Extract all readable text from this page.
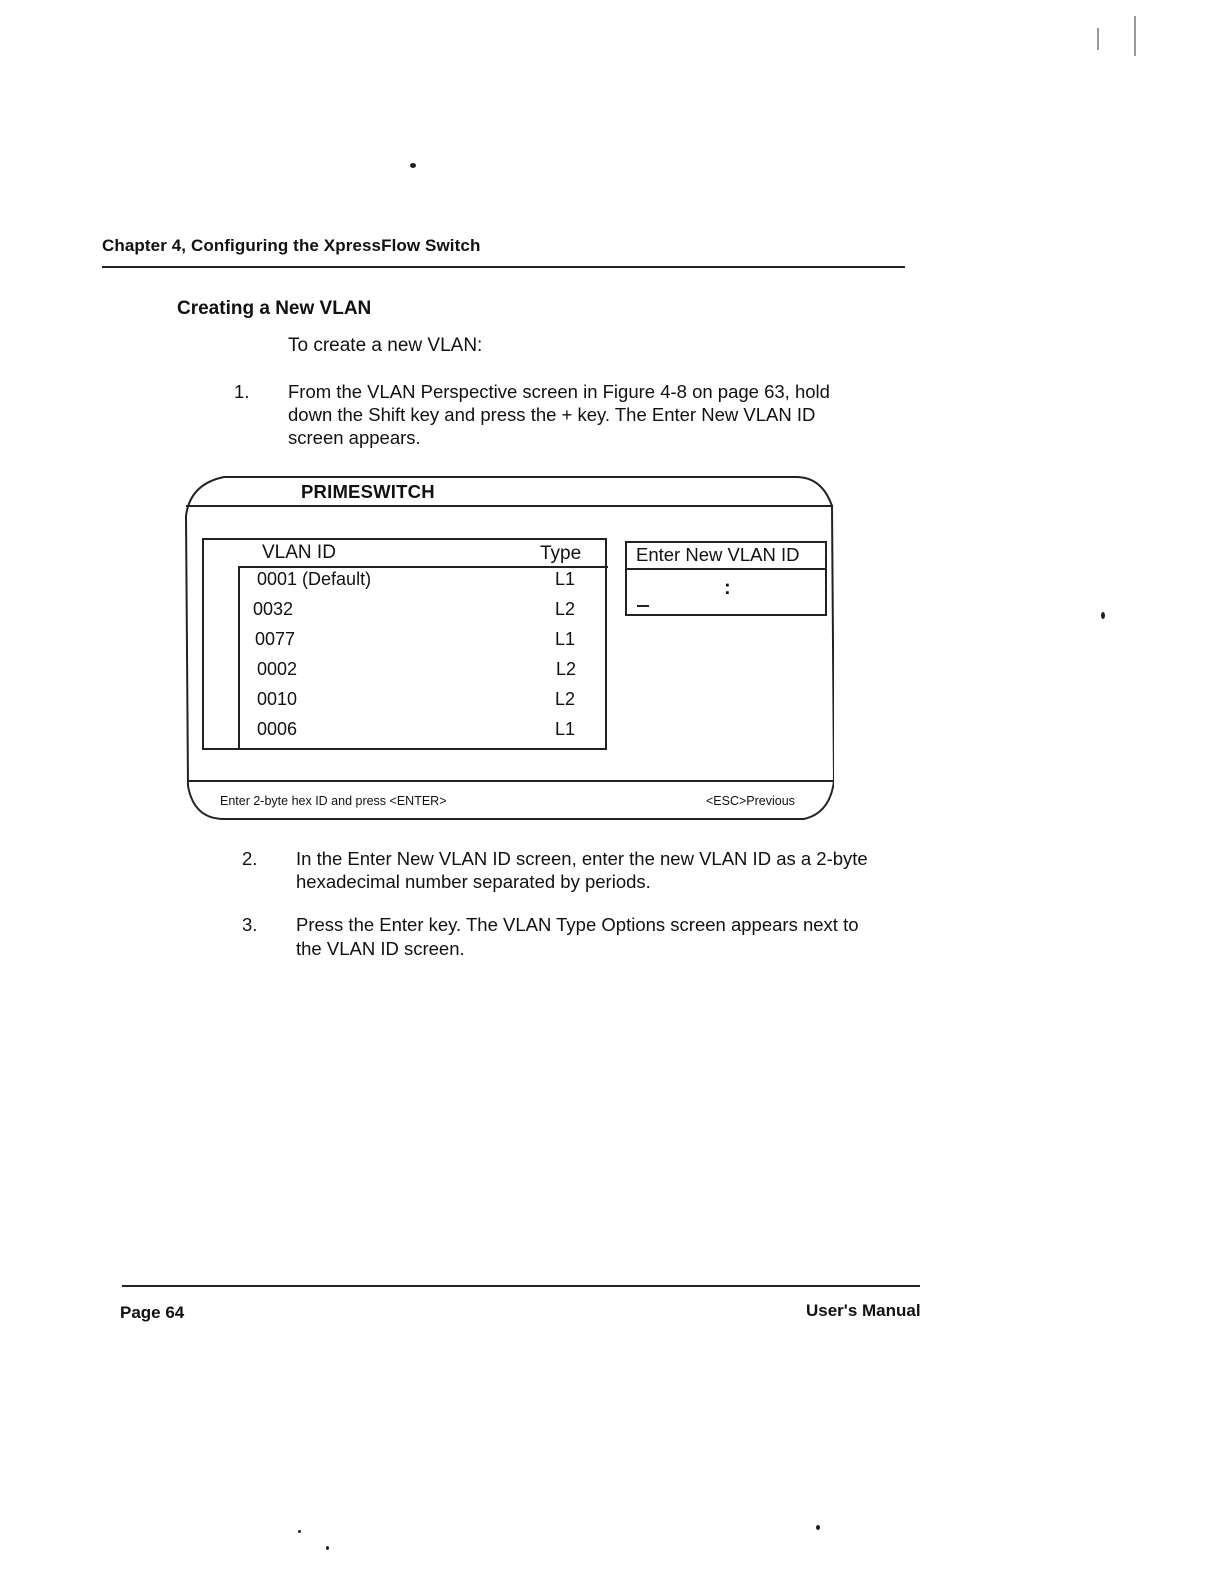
Chapter 4, Configuring the XpressFlow Switch
Creating a New VLAN
To create a new VLAN:
1. From the VLAN Perspective screen in Figure 4-8 on page 63, hold
down the Shift key and press the + key. The Enter New VLAN ID
screen appears.
PRIMESWITCH
VLAN ID	Type
0001 (Default)	L1
0032	L2
0077	L1
0002	L2
0010	L2
0006	L1
Enter New VLAN ID
:
Enter 2-byte hex ID and press <ENTER>	<ESC>Previous
2. In the Enter New VLAN ID screen, enter the new VLAN ID as a 2-byte
hexadecimal number separated by periods.
3. Press the Enter key. The VLAN Type Options screen appears next to
the VLAN ID screen.
Page 64	User's Manual
